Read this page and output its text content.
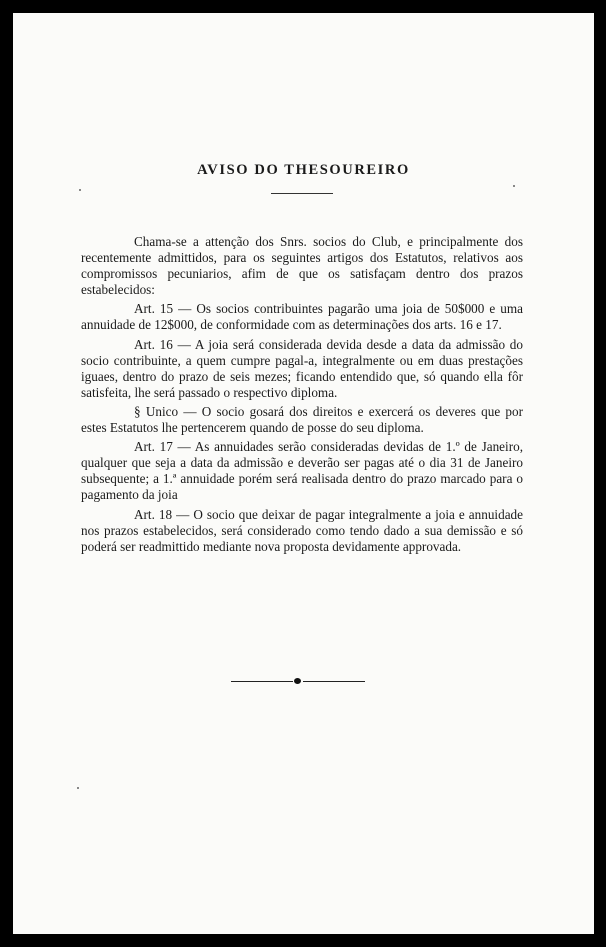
AVISO DO THESOUREIRO

Chama-se a attenção dos Snrs. socios do Club, e principalmente dos recentemente admittidos, para os seguintes artigos dos Estatutos, relativos aos compromissos pecuniarios, afim de que os satisfaçam dentro dos prazos estabelecidos:

Art. 15 — Os socios contribuintes pagarão uma joia de 50$000 e uma annuidade de 12$000, de conformidade com as determinações dos arts. 16 e 17.

Art. 16 — A joia será considerada devida desde a data da admissão do socio contribuinte, a quem cumpre pagal-a, integralmente ou em duas prestações iguaes, dentro do prazo de seis mezes; ficando entendido que, só quando ella fôr satisfeita, lhe será passado o respectivo diploma.

§ Unico — O socio gosará dos direitos e exercerá os deveres que por estes Estatutos lhe pertencerem quando de posse do seu diploma.

Art. 17 — As annuidades serão consideradas devidas de 1.º de Janeiro, qualquer que seja a data da admissão e deverão ser pagas até o dia 31 de Janeiro subsequente; a 1.ª annuidade porém será realisada dentro do prazo marcado para o pagamento da joia

Art. 18 — O socio que deixar de pagar integralmente a joia e annuidade nos prazos estabelecidos, será considerado como tendo dado a sua demissão e só poderá ser readmittido mediante nova proposta devidamente approvada.
